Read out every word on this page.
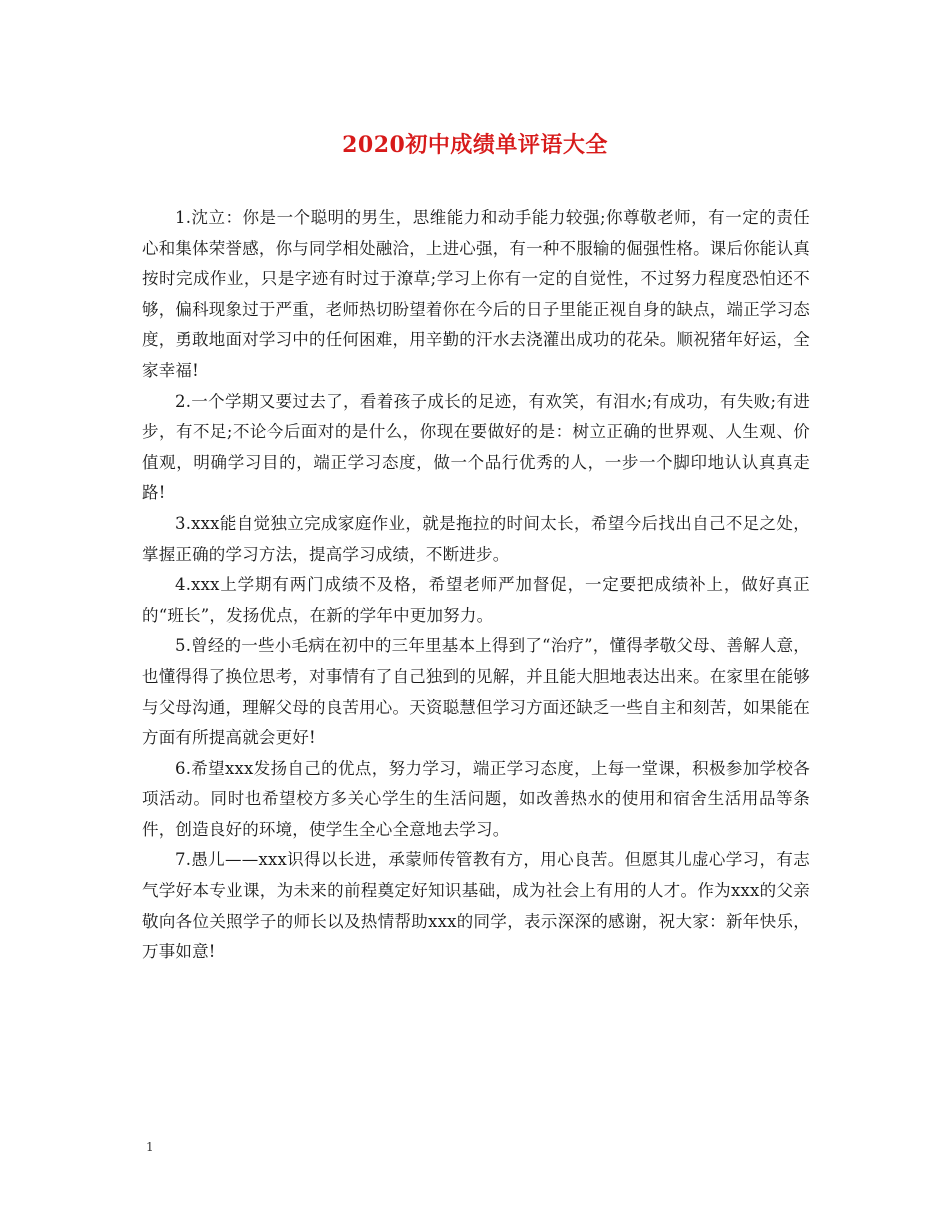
2020初中成绩单评语大全

1.沈立：你是一个聪明的男生，思维能力和动手能力较强;你尊敬老师，有一定的责任心和集体荣誉感，你与同学相处融洽，上进心强，有一种不服输的倔强性格。课后你能认真按时完成作业，只是字迹有时过于潦草;学习上你有一定的自觉性，不过努力程度恐怕还不够，偏科现象过于严重，老师热切盼望着你在今后的日子里能正视自身的缺点，端正学习态度，勇敢地面对学习中的任何困难，用辛勤的汗水去浇灌出成功的花朵。顺祝猪年好运，全家幸福!

2.一个学期又要过去了，看着孩子成长的足迹，有欢笑，有泪水;有成功，有失败;有进步，有不足;不论今后面对的是什么，你现在要做好的是：树立正确的世界观、人生观、价值观，明确学习目的，端正学习态度，做一个品行优秀的人，一步一个脚印地认认真真走路!

3.xxx能自觉独立完成家庭作业，就是拖拉的时间太长，希望今后找出自己不足之处，掌握正确的学习方法，提高学习成绩，不断进步。

4.xxx上学期有两门成绩不及格，希望老师严加督促，一定要把成绩补上，做好真正的“班长”，发扬优点，在新的学年中更加努力。

5.曾经的一些小毛病在初中的三年里基本上得到了“治疗”，懂得孝敬父母、善解人意，也懂得得了换位思考，对事情有了自己独到的见解，并且能大胆地表达出来。在家里在能够与父母沟通，理解父母的良苦用心。天资聪慧但学习方面还缺乏一些自主和刻苦，如果能在方面有所提高就会更好!

6.希望xxx发扬自己的优点，努力学习，端正学习态度，上每一堂课，积极参加学校各项活动。同时也希望校方多关心学生的生活问题，如改善热水的使用和宿舍生活用品等条件，创造良好的环境，使学生全心全意地去学习。

7.愚儿——xxx识得以长进，承蒙师传管教有方，用心良苦。但愿其儿虚心学习，有志气学好本专业课，为未来的前程奠定好知识基础，成为社会上有用的人才。作为xxx的父亲敬向各位关照学子的师长以及热情帮助xxx的同学，表示深深的感谢，祝大家：新年快乐，万事如意!

1
